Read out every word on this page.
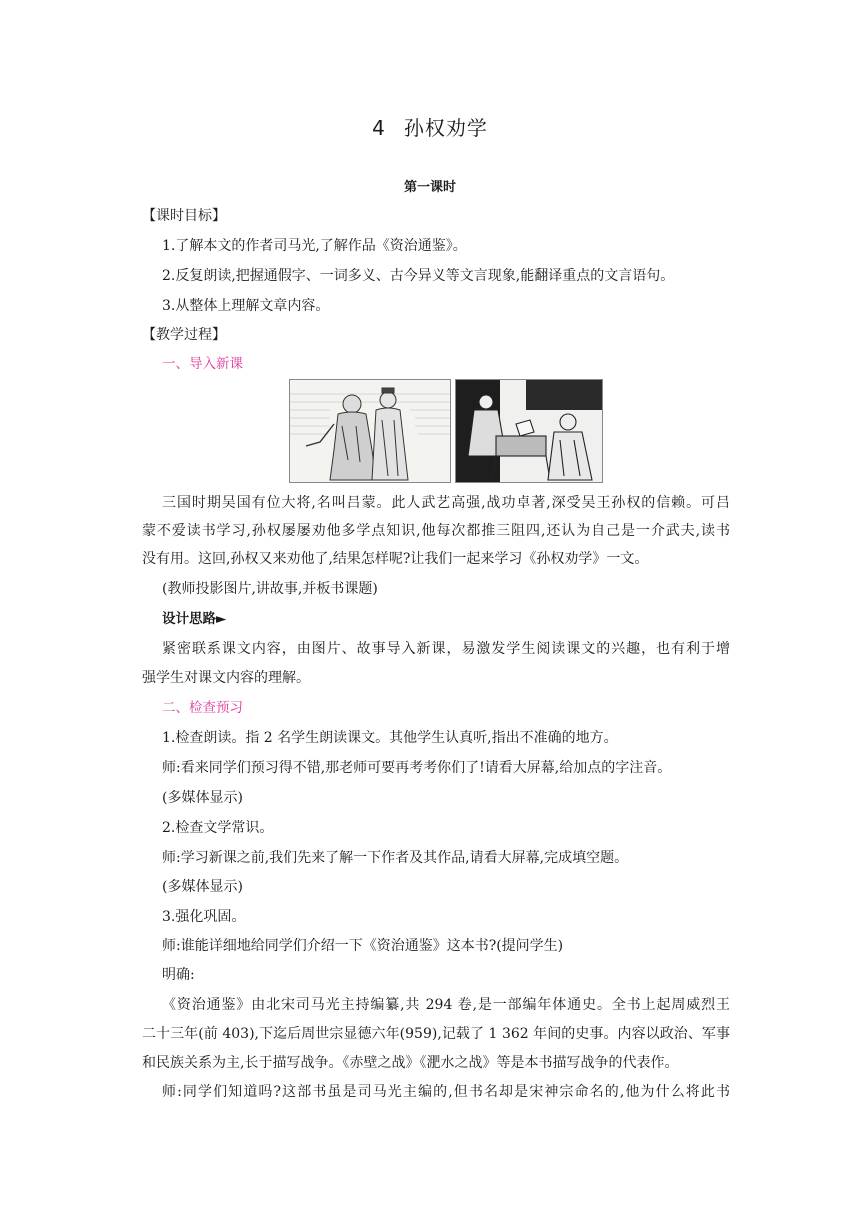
4 孙权劝学
第一课时
【课时目标】
1.了解本文的作者司马光,了解作品《资治通鉴》。
2.反复朗读,把握通假字、一词多义、古今异义等文言现象,能翻译重点的文言语句。
3.从整体上理解文章内容。
【教学过程】
一、导入新课
三国时期吴国有位大将,名叫吕蒙。此人武艺高强,战功卓著,深受吴王孙权的信赖。可吕
蒙不爱读书学习,孙权屡屡劝他多学点知识,他每次都推三阻四,还认为自己是一介武夫,读书
没有用。这回,孙权又来劝他了,结果怎样呢?让我们一起来学习《孙权劝学》一文。
(教师投影图片,讲故事,并板书课题)
设计思路►
紧密联系课文内容，由图片、故事导入新课，易激发学生阅读课文的兴趣，也有利于增
强学生对课文内容的理解。
二、检查预习
1.检查朗读。指 2 名学生朗读课文。其他学生认真听,指出不准确的地方。
师:看来同学们预习得不错,那老师可要再考考你们了!请看大屏幕,给加点的字注音。
(多媒体显示)
2.检查文学常识。
师:学习新课之前,我们先来了解一下作者及其作品,请看大屏幕,完成填空题。
(多媒体显示)
3.强化巩固。
师:谁能详细地给同学们介绍一下《资治通鉴》这本书?(提问学生)
明确:
《资治通鉴》由北宋司马光主持编纂,共 294 卷,是一部编年体通史。全书上起周威烈王
二十三年(前 403),下迄后周世宗显德六年(959),记载了 1 362 年间的史事。内容以政治、军事
和民族关系为主,长于描写战争。《赤壁之战》《淝水之战》等是本书描写战争的代表作。
师:同学们知道吗?这部书虽是司马光主编的,但书名却是宋神宗命名的,他为什么将此书
